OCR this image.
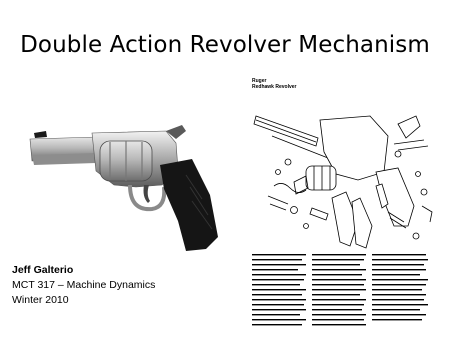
Double Action Revolver Mechanism
Ruger
Redhawk Revolver
Jeff Galterio
MCT 317 – Machine Dynamics
Winter 2010
